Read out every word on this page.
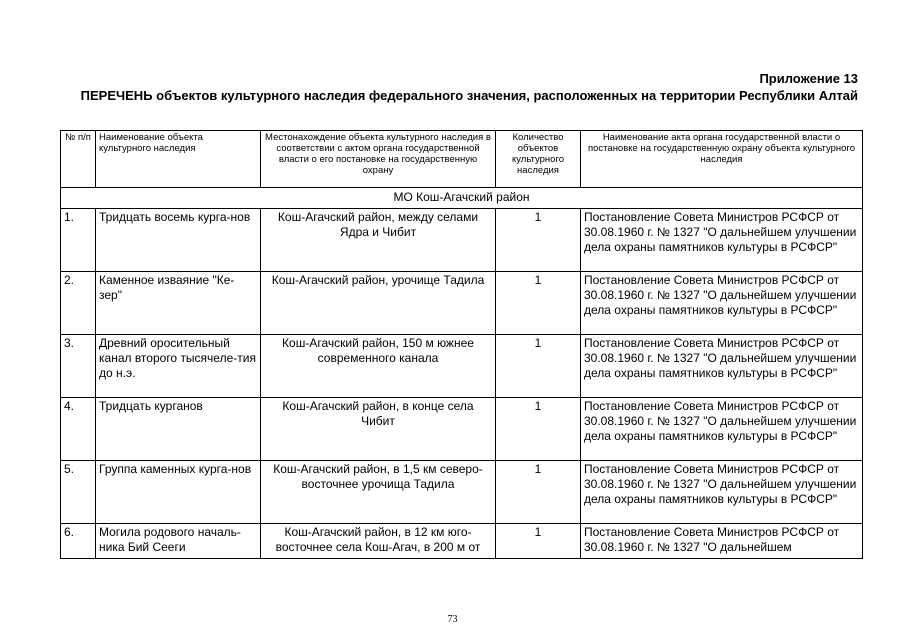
Приложение 13
ПЕРЕЧЕНЬ объектов культурного наследия федерального значения, расположенных на территории Республики Алтай
№ п/п	Наименование объекта культурного наследия	Местонахождение объекта культурного наследия в соответствии с актом органа государственной власти о его постановке на государственную охрану	Количество объектов культурного наследия	Наименование акта органа государственной власти о постановке на государственную охрану объекта культурного наследия
МО Кош-Агачский район				
1.	Тридцать восемь курга-нов	Кош-Агачский район, между селами Ядра и Чибит	1	Постановление Совета Министров РСФСР от 30.08.1960 г. № 1327 "О дальнейшем улучшении дела охраны памятников культуры в РСФСР"
2.	Каменное изваяние "Ке-зер"	Кош-Агачский район, урочище Тадила	1	Постановление Совета Министров РСФСР от 30.08.1960 г. № 1327 "О дальнейшем улучшении дела охраны памятников культуры в РСФСР"
3.	Древний оросительный канал второго тысячеле-тия до н.э.	Кош-Агачский район, 150 м южнее современного канала	1	Постановление Совета Министров РСФСР от 30.08.1960 г. № 1327 "О дальнейшем улучшении дела охраны памятников культуры в РСФСР"
4.	Тридцать курганов	Кош-Агачский район, в конце села Чибит	1	Постановление Совета Министров РСФСР от 30.08.1960 г. № 1327 "О дальнейшем улучшении дела охраны памятников культуры в РСФСР"
5.	Группа каменных курга-нов	Кош-Агачский район, в 1,5 км северо-восточнее урочища Тадила	1	Постановление Совета Министров РСФСР от 30.08.1960 г. № 1327 "О дальнейшем улучшении дела охраны памятников культуры в РСФСР"
6.	Могила родового началь-ника Бий Сееги	Кош-Агачский район, в 12 км юго-восточнее села Кош-Агач, в 200 м от	1	Постановление Совета Министров РСФСР от 30.08.1960 г. № 1327 "О дальнейшем
73
